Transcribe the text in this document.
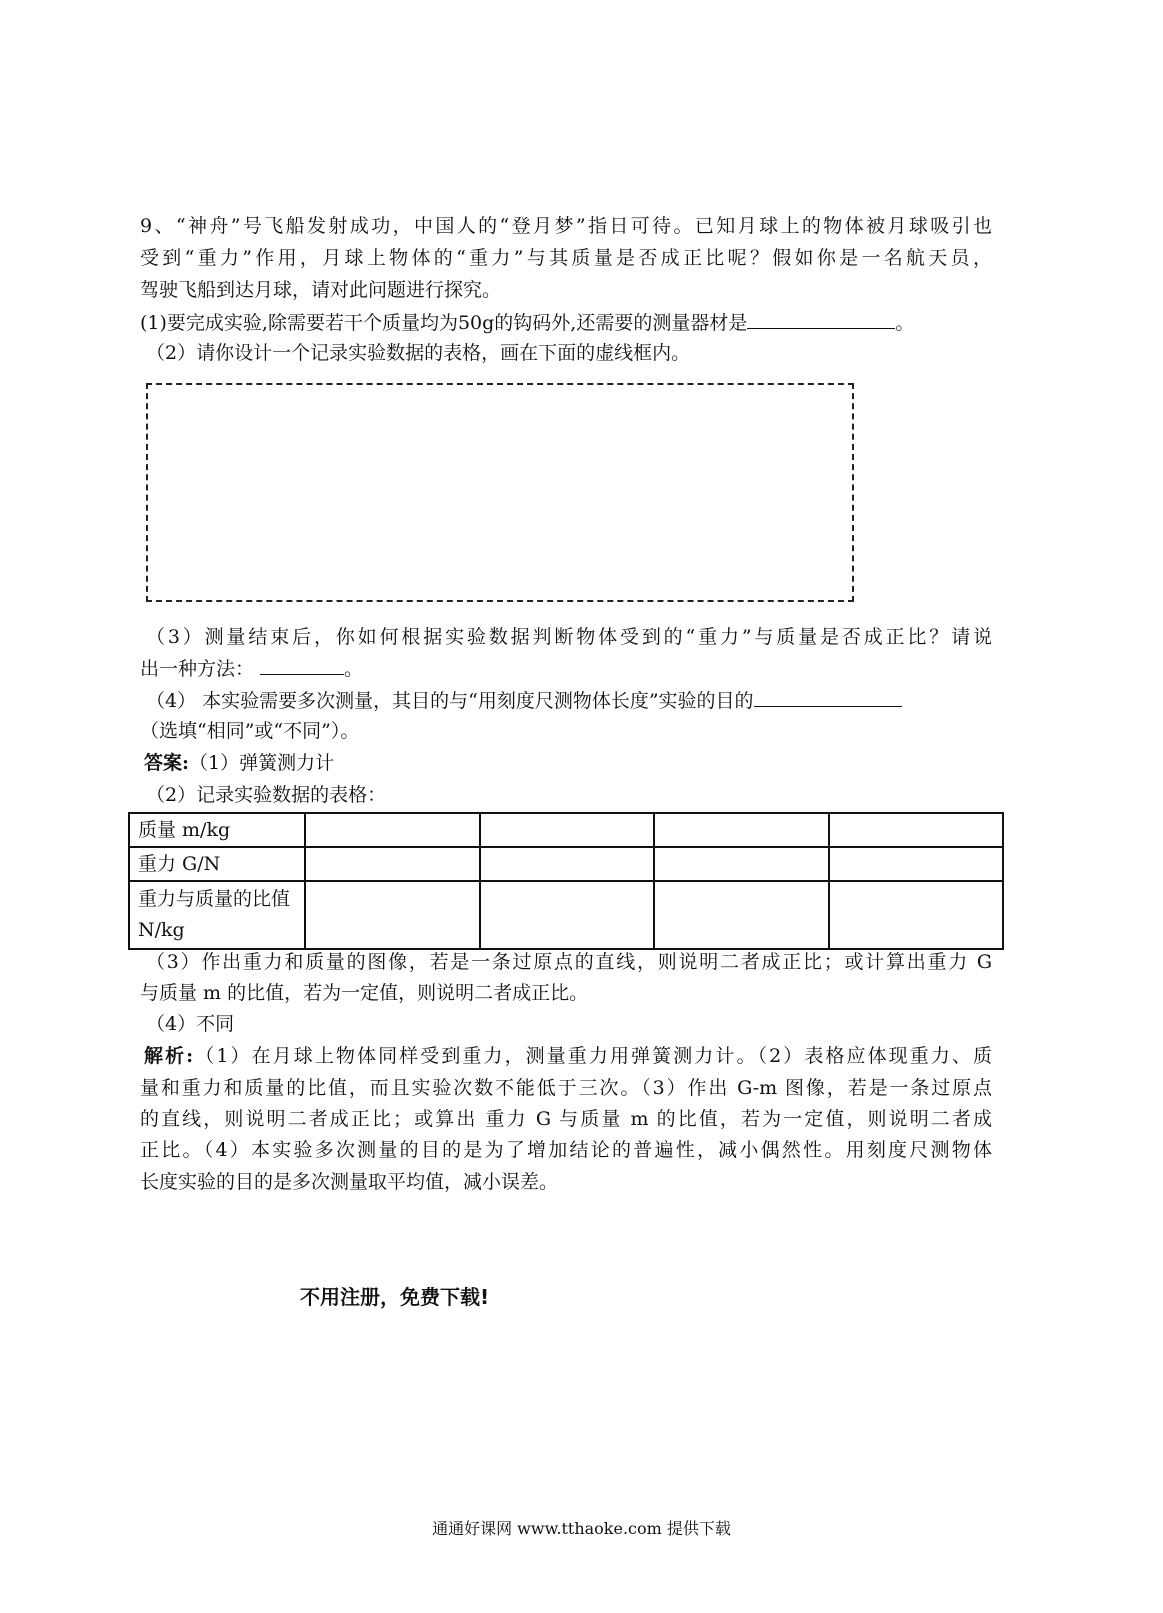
9、“神舟”号飞船发射成功，中国人的“登月梦”指日可待。已知月球上的物体被月球吸引也
受到“重力”作用，月球上物体的“重力”与其质量是否成正比呢？假如你是一名航天员，
驾驶飞船到达月球，请对此问题进行探究。
(1)要完成实验,除需要若干个质量均为50g的钩码外,还需要的测量器材是	。
（2）请你设计一个记录实验数据的表格，画在下面的虚线框内。
（3）测量结束后，你如何根据实验数据判断物体受到的“重力”与质量是否成正比？请说
出一种方法：	。
（4） 本实验需要多次测量，其目的与“用刻度尺测物体长度”实验的目的
（选填“相同”或“不同”）。
答案:（1）弹簧测力计
（2）记录实验数据的表格：
质量 m/kg				
重力 G/N				
重力与质量的比值 N/kg				
（3）作出重力和质量的图像，若是一条过原点的直线，则说明二者成正比；或计算出重力 G
与质量 m 的比值，若为一定值，则说明二者成正比。
（4）不同
解析:（1）在月球上物体同样受到重力，测量重力用弹簧测力计。（2）表格应体现重力、质
量和重力和质量的比值，而且实验次数不能低于三次。（3）作出 G-m 图像，若是一条过原点
的直线，则说明二者成正比；或算出 重力 G 与质量 m 的比值，若为一定值，则说明二者成
正比。（4）本实验多次测量的目的是为了增加结论的普遍性，减小偶然性。用刻度尺测物体
长度实验的目的是多次测量取平均值，减小误差。
不用注册，免费下载!
通通好课网 www.tthaoke.com 提供下载
